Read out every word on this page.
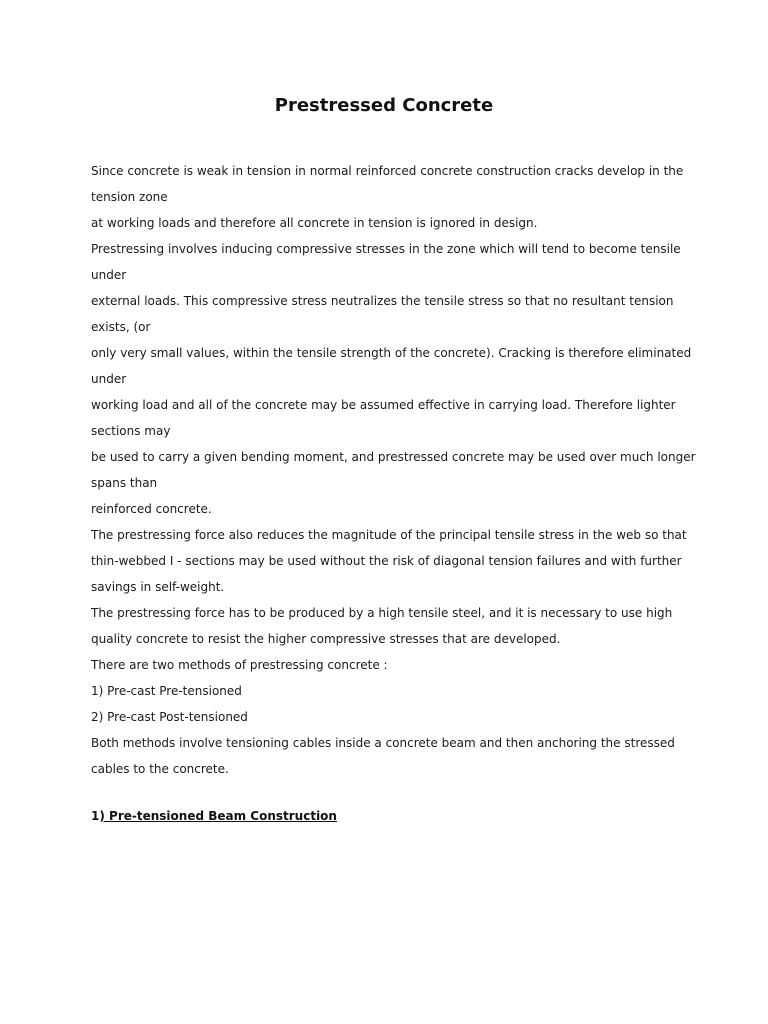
Prestressed Concrete
Since concrete is weak in tension in normal reinforced concrete construction cracks develop in the
tension zone
at working loads and therefore all concrete in tension is ignored in design.
Prestressing involves inducing compressive stresses in the zone which will tend to become tensile
under
external loads. This compressive stress neutralizes the tensile stress so that no resultant tension
exists, (or
only very small values, within the tensile strength of the concrete). Cracking is therefore eliminated
under
working load and all of the concrete may be assumed effective in carrying load. Therefore lighter
sections may
be used to carry a given bending moment, and prestressed concrete may be used over much longer
spans than
reinforced concrete.
The prestressing force also reduces the magnitude of the principal tensile stress in the web so that
thin-webbed I - sections may be used without the risk of diagonal tension failures and with further
savings in self-weight.
The prestressing force has to be produced by a high tensile steel, and it is necessary to use high
quality concrete to resist the higher compressive stresses that are developed.
There are two methods of prestressing concrete :
1) Pre-cast Pre-tensioned
2) Pre-cast Post-tensioned
Both methods involve tensioning cables inside a concrete beam and then anchoring the stressed
cables to the concrete.
1) Pre-tensioned Beam Construction
